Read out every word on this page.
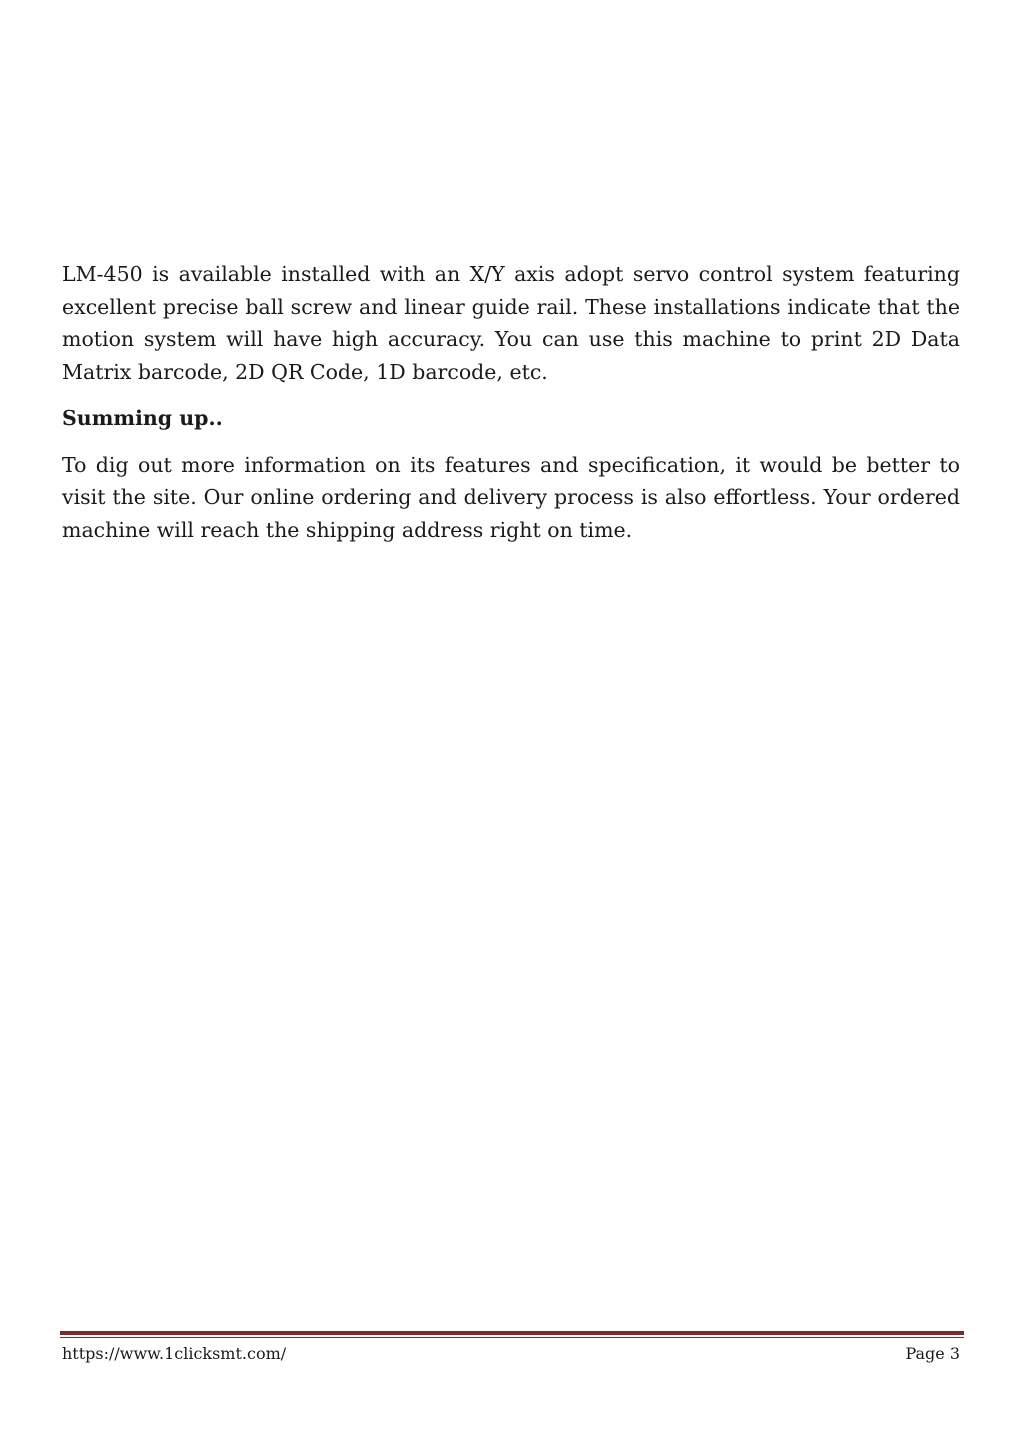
LM-450 is available installed with an X/Y axis adopt servo control system featuring excellent precise ball screw and linear guide rail. These installations indicate that the motion system will have high accuracy. You can use this machine to print 2D Data Matrix barcode, 2D QR Code, 1D barcode, etc.

Summing up..

To dig out more information on its features and specification, it would be better to visit the site. Our online ordering and delivery process is also effortless. Your ordered machine will reach the shipping address right on time.

https://www.1clicksmt.com/	Page 3
